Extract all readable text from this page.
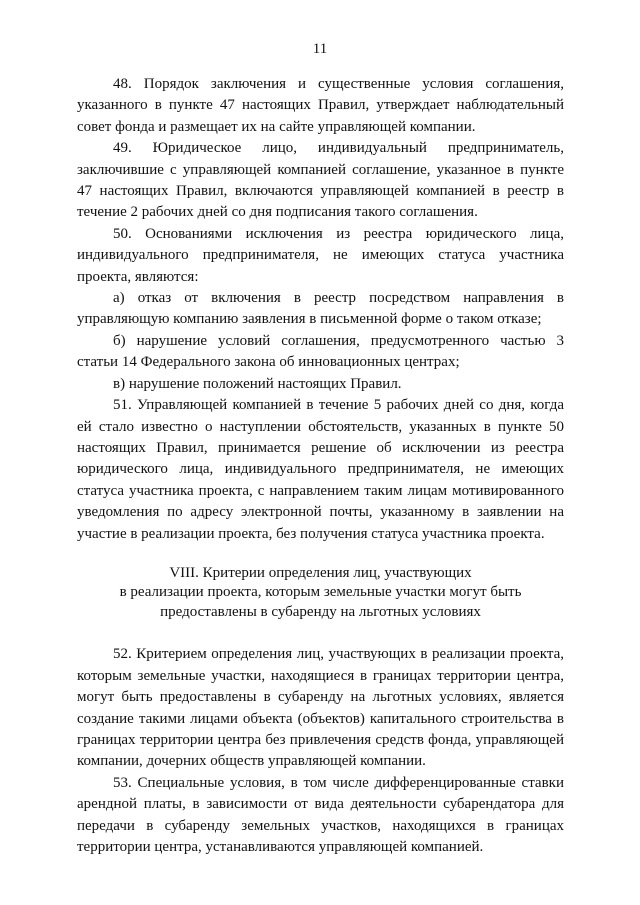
11

48. Порядок заключения и существенные условия соглашения, указанного в пункте 47 настоящих Правил, утверждает наблюдательный совет фонда и размещает их на сайте управляющей компании.

49. Юридическое лицо, индивидуальный предприниматель, заключившие с управляющей компанией соглашение, указанное в пункте 47 настоящих Правил, включаются управляющей компанией в реестр в течение 2 рабочих дней со дня подписания такого соглашения.

50. Основаниями исключения из реестра юридического лица, индивидуального предпринимателя, не имеющих статуса участника проекта, являются:

а) отказ от включения в реестр посредством направления в управляющую компанию заявления в письменной форме о таком отказе;

б) нарушение условий соглашения, предусмотренного частью 3 статьи 14 Федерального закона об инновационных центрах;

в) нарушение положений настоящих Правил.

51. Управляющей компанией в течение 5 рабочих дней со дня, когда ей стало известно о наступлении обстоятельств, указанных в пункте 50 настоящих Правил, принимается решение об исключении из реестра юридического лица, индивидуального предпринимателя, не имеющих статуса участника проекта, с направлением таким лицам мотивированного уведомления по адресу электронной почты, указанному в заявлении на участие в реализации проекта, без получения статуса участника проекта.

VIII. Критерии определения лиц, участвующих
в реализации проекта, которым земельные участки могут быть
предоставлены в субаренду на льготных условиях

52. Критерием определения лиц, участвующих в реализации проекта, которым земельные участки, находящиеся в границах территории центра, могут быть предоставлены в субаренду на льготных условиях, является создание такими лицами объекта (объектов) капитального строительства в границах территории центра без привлечения средств фонда, управляющей компании, дочерних обществ управляющей компании.

53. Специальные условия, в том числе дифференцированные ставки арендной платы, в зависимости от вида деятельности субарендатора для передачи в субаренду земельных участков, находящихся в границах территории центра, устанавливаются управляющей компанией.
